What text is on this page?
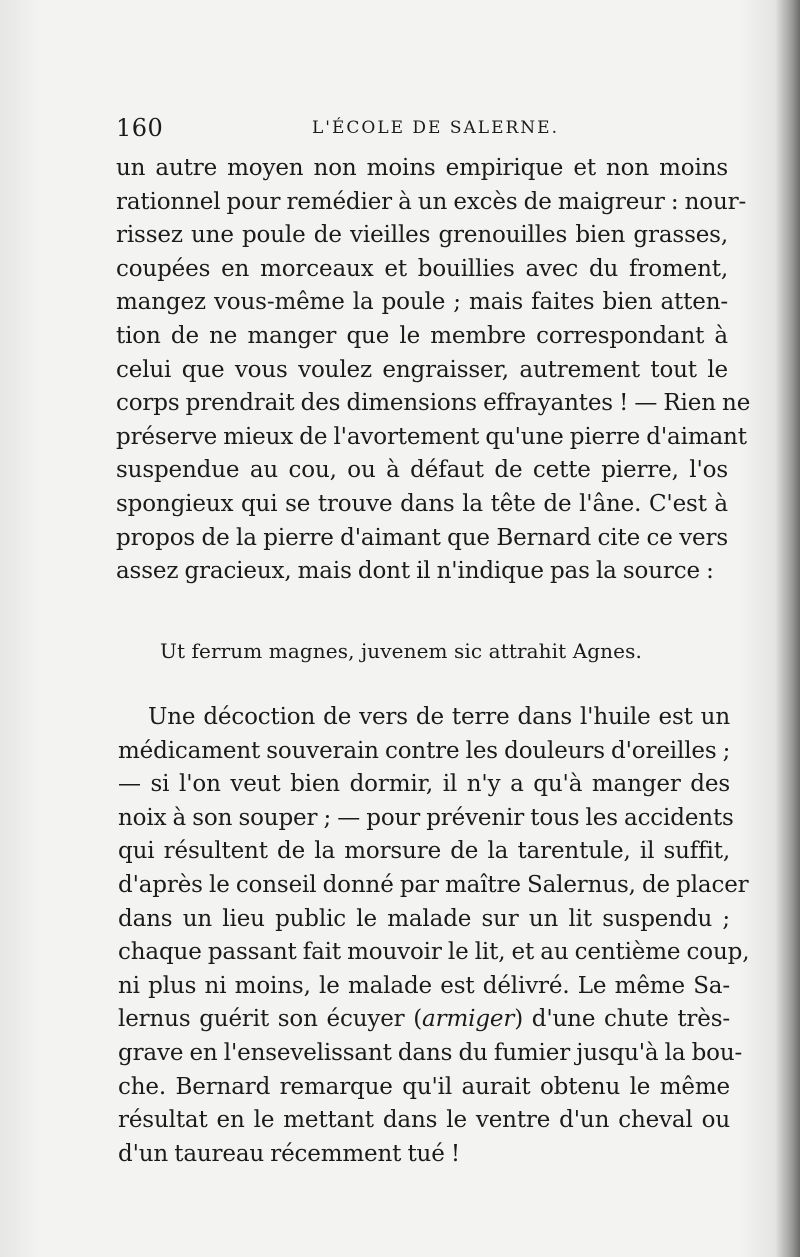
160	L'ÉCOLE DE SALERNE.
un autre moyen non moins empirique et non moins
rationnel pour remédier à un excès de maigreur : nour-
rissez une poule de vieilles grenouilles bien grasses,
coupées en morceaux et bouillies avec du froment,
mangez vous-même la poule ; mais faites bien atten-
tion de ne manger que le membre correspondant à
celui que vous voulez engraisser, autrement tout le
corps prendrait des dimensions effrayantes ! — Rien ne
préserve mieux de l'avortement qu'une pierre d'aimant
suspendue au cou, ou à défaut de cette pierre, l'os
spongieux qui se trouve dans la tête de l'âne. C'est à
propos de la pierre d'aimant que Bernard cite ce vers
assez gracieux, mais dont il n'indique pas la source :
Ut ferrum magnes, juvenem sic attrahit Agnes.
Une décoction de vers de terre dans l'huile est un
médicament souverain contre les douleurs d'oreilles ;
— si l'on veut bien dormir, il n'y a qu'à manger des
noix à son souper ; — pour prévenir tous les accidents
qui résultent de la morsure de la tarentule, il suffit,
d'après le conseil donné par maître Salernus, de placer
dans un lieu public le malade sur un lit suspendu ;
chaque passant fait mouvoir le lit, et au centième coup,
ni plus ni moins, le malade est délivré. Le même Sa-
lernus guérit son écuyer (armiger) d'une chute très-
grave en l'ensevelissant dans du fumier jusqu'à la bou-
che. Bernard remarque qu'il aurait obtenu le même
résultat en le mettant dans le ventre d'un cheval ou
d'un taureau récemment tué !
